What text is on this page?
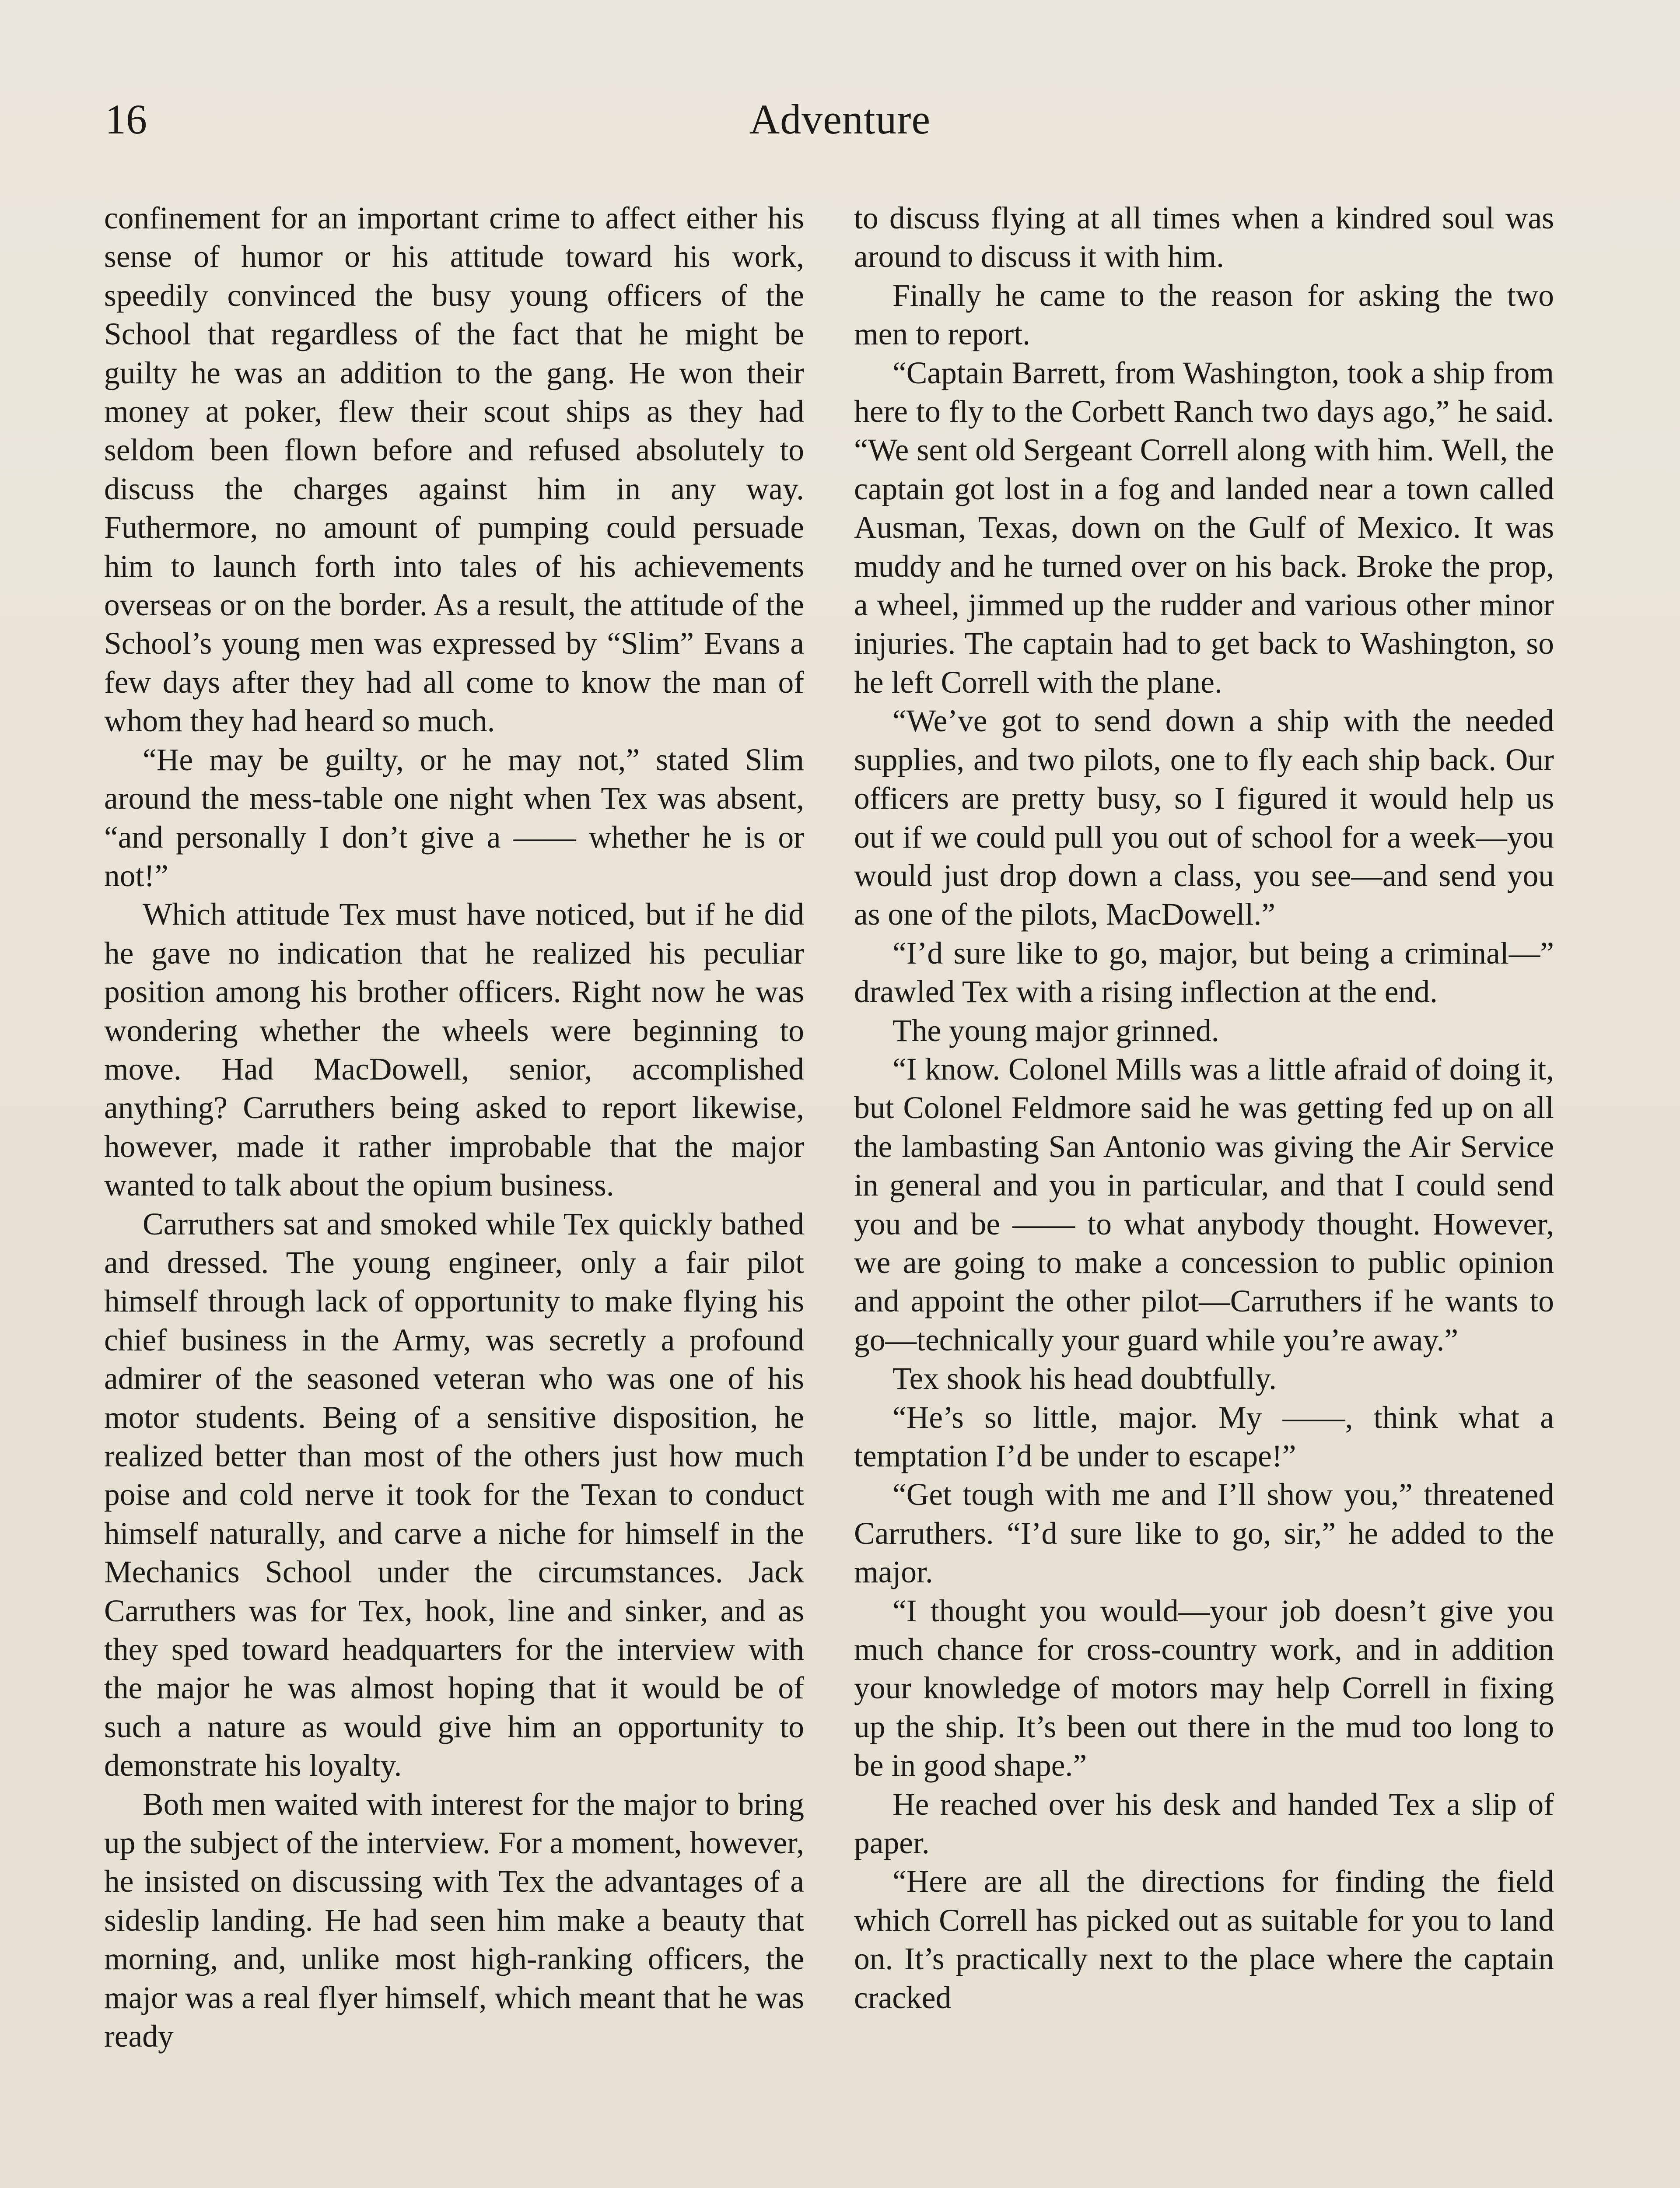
16	Adventure

confinement for an important crime to affect either his sense of humor or his attitude toward his work, speedily convinced the busy young officers of the School that regardless of the fact that he might be guilty he was an addition to the gang. He won their money at poker, flew their scout ships as they had seldom been flown before and refused absolutely to discuss the charges against him in any way. Futhermore, no amount of pumping could persuade him to launch forth into tales of his achievements overseas or on the border. As a result, the attitude of the School’s young men was expressed by “Slim” Evans a few days after they had all come to know the man of whom they had heard so much.

“He may be guilty, or he may not,” stated Slim around the mess-table one night when Tex was absent, “and personally I don’t give a —— whether he is or not!”

Which attitude Tex must have noticed, but if he did he gave no indication that he realized his peculiar position among his brother officers. Right now he was wondering whether the wheels were beginning to move. Had MacDowell, senior, accomplished anything? Carruthers being asked to report likewise, however, made it rather improbable that the major wanted to talk about the opium business.

Carruthers sat and smoked while Tex quickly bathed and dressed. The young engineer, only a fair pilot himself through lack of opportunity to make flying his chief business in the Army, was secretly a profound admirer of the seasoned veteran who was one of his motor students. Being of a sensitive disposition, he realized better than most of the others just how much poise and cold nerve it took for the Texan to conduct himself naturally, and carve a niche for himself in the Mechanics School under the circumstances. Jack Carruthers was for Tex, hook, line and sinker, and as they sped toward headquarters for the interview with the major he was almost hoping that it would be of such a nature as would give him an opportunity to demonstrate his loyalty.

Both men waited with interest for the major to bring up the subject of the interview. For a moment, however, he insisted on discussing with Tex the advantages of a sideslip landing. He had seen him make a beauty that morning, and, unlike most high-ranking officers, the major was a real flyer himself, which meant that he was ready

to discuss flying at all times when a kindred soul was around to discuss it with him.

Finally he came to the reason for asking the two men to report.

“Captain Barrett, from Washington, took a ship from here to fly to the Corbett Ranch two days ago,” he said. “We sent old Sergeant Correll along with him. Well, the captain got lost in a fog and landed near a town called Ausman, Texas, down on the Gulf of Mexico. It was muddy and he turned over on his back. Broke the prop, a wheel, jimmed up the rudder and various other minor injuries. The captain had to get back to Washington, so he left Correll with the plane.

“We’ve got to send down a ship with the needed supplies, and two pilots, one to fly each ship back. Our officers are pretty busy, so I figured it would help us out if we could pull you out of school for a week—you would just drop down a class, you see—and send you as one of the pilots, MacDowell.”

“I’d sure like to go, major, but being a criminal—” drawled Tex with a rising inflection at the end.

The young major grinned.

“I know. Colonel Mills was a little afraid of doing it, but Colonel Feldmore said he was getting fed up on all the lambasting San Antonio was giving the Air Service in general and you in particular, and that I could send you and be —— to what anybody thought. However, we are going to make a concession to public opinion and appoint the other pilot—Carruthers if he wants to go—technically your guard while you’re away.”

Tex shook his head doubtfully.

“He’s so little, major. My ——, think what a temptation I’d be under to escape!”

“Get tough with me and I’ll show you,” threatened Carruthers. “I’d sure like to go, sir,” he added to the major.

“I thought you would—your job doesn’t give you much chance for cross-country work, and in addition your knowledge of motors may help Correll in fixing up the ship. It’s been out there in the mud too long to be in good shape.”

He reached over his desk and handed Tex a slip of paper.

“Here are all the directions for finding the field which Correll has picked out as suitable for you to land on. It’s practically next to the place where the captain cracked
